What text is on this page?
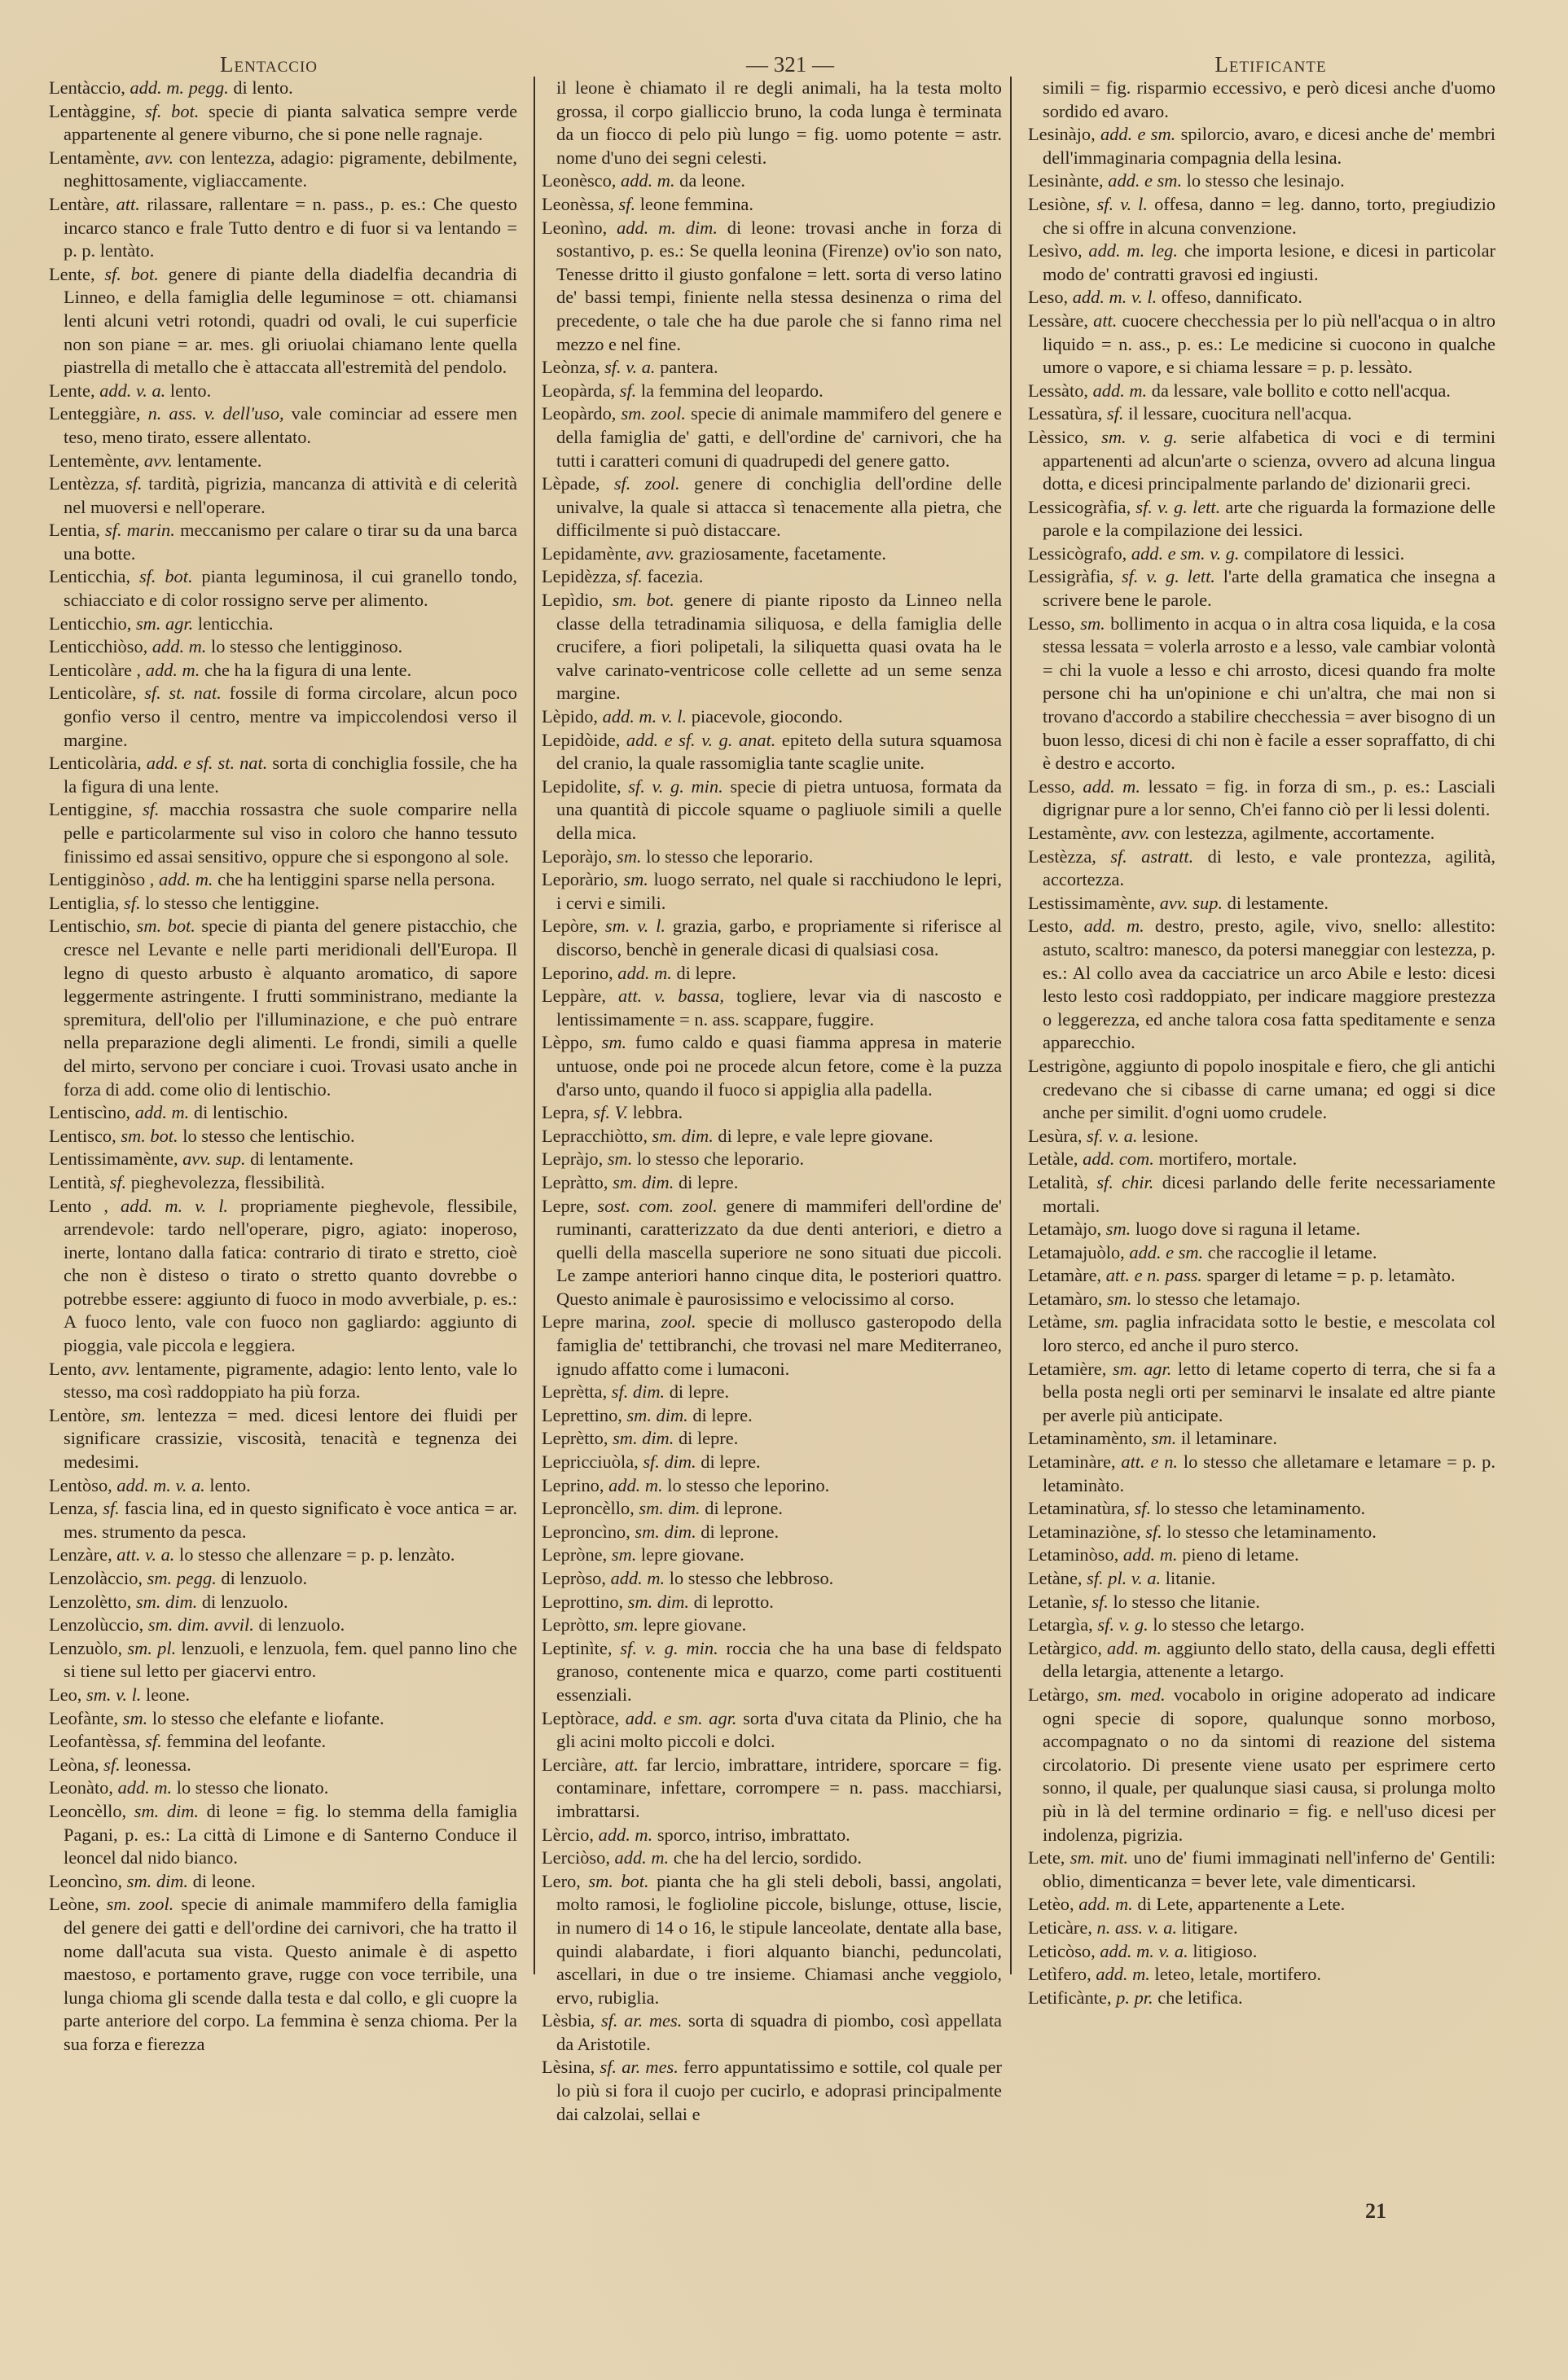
Lentaccio	— 321 —	Letificante

Lentàccio, add. m. pegg. di lento.

Lentàggine, sf. bot. specie di pianta salvatica sempre verde appartenente al genere viburno, che si pone nelle ragnaje.

Lentamènte, avv. con lentezza, adagio: pigramente, debilmente, neghittosamente, vigliaccamente.

Lentàre, att. rilassare, rallentare = n. pass., p. es.: Che questo incarco stanco e frale Tutto dentro e di fuor si va lentando = p. p. lentàto.

Lente, sf. bot. genere di piante della diadelfia decandria di Linneo, e della famiglia delle leguminose = ott. chiamansi lenti alcuni vetri rotondi, quadri od ovali, le cui superficie non son piane = ar. mes. gli oriuolai chiamano lente quella piastrella di metallo che è attaccata all'estremità del pendolo.

Lente, add. v. a. lento.

Lenteggiàre, n. ass. v. dell'uso, vale cominciar ad essere men teso, meno tirato, essere allentato.

Lentemènte, avv. lentamente.

Lentèzza, sf. tardità, pigrizia, mancanza di attività e di celerità nel muoversi e nell'operare.

Lentia, sf. marin. meccanismo per calare o tirar su da una barca una botte.

Lenticchia, sf. bot. pianta leguminosa, il cui granello tondo, schiacciato e di color rossigno serve per alimento.

Lenticchio, sm. agr. lenticchia.

Lenticchiòso, add. m. lo stesso che lentigginoso.

Lenticolàre , add. m. che ha la figura di una lente.

Lenticolàre, sf. st. nat. fossile di forma circolare, alcun poco gonfio verso il centro, mentre va impiccolendosi verso il margine.

Lenticolària, add. e sf. st. nat. sorta di conchiglia fossile, che ha la figura di una lente.

Lentiggine, sf. macchia rossastra che suole comparire nella pelle e particolarmente sul viso in coloro che hanno tessuto finissimo ed assai sensitivo, oppure che si espongono al sole.

Lentigginòso , add. m. che ha lentiggini sparse nella persona.

Lentiglia, sf. lo stesso che lentiggine.

Lentischio, sm. bot. specie di pianta del genere pistacchio, che cresce nel Levante e nelle parti meridionali dell'Europa. Il legno di questo arbusto è alquanto aromatico, di sapore leggermente astringente. I frutti somministrano, mediante la spremitura, dell'olio per l'illuminazione, e che può entrare nella preparazione degli alimenti. Le frondi, simili a quelle del mirto, servono per conciare i cuoi. Trovasi usato anche in forza di add. come olio di lentischio.

Lentiscìno, add. m. di lentischio.

Lentisco, sm. bot. lo stesso che lentischio.

Lentissimamènte, avv. sup. di lentamente.

Lentità, sf. pieghevolezza, flessibilità.

Lento , add. m. v. l. propriamente pieghevole, flessibile, arrendevole: tardo nell'operare, pigro, agiato: inoperoso, inerte, lontano dalla fatica: contrario di tirato e stretto, cioè che non è disteso o tirato o stretto quanto dovrebbe o potrebbe essere: aggiunto di fuoco in modo avverbiale, p. es.: A fuoco lento, vale con fuoco non gagliardo: aggiunto di pioggia, vale piccola e leggiera.

Lento, avv. lentamente, pigramente, adagio: lento lento, vale lo stesso, ma così raddoppiato ha più forza.

Lentòre, sm. lentezza = med. dicesi lentore dei fluidi per significare crassizie, viscosità, tenacità e tegnenza dei medesimi.

Lentòso, add. m. v. a. lento.

Lenza, sf. fascia lina, ed in questo significato è voce antica = ar. mes. strumento da pesca.

Lenzàre, att. v. a. lo stesso che allenzare = p. p. lenzàto.

Lenzolàccio, sm. pegg. di lenzuolo.

Lenzolètto, sm. dim. di lenzuolo.

Lenzolùccio, sm. dim. avvil. di lenzuolo.

Lenzuòlo, sm. pl. lenzuoli, e lenzuola, fem. quel panno lino che si tiene sul letto per giacervi entro.

Leo, sm. v. l. leone.

Leofànte, sm. lo stesso che elefante e liofante.

Leofantèssa, sf. femmina del leofante.

Leòna, sf. leonessa.

Leonàto, add. m. lo stesso che lionato.

Leoncèllo, sm. dim. di leone = fig. lo stemma della famiglia Pagani, p. es.: La città di Limone e di Santerno Conduce il leoncel dal nido bianco.

Leoncìno, sm. dim. di leone.

Leòne, sm. zool. specie di animale mammifero della famiglia del genere dei gatti e dell'ordine dei carnivori, che ha tratto il nome dall'acuta sua vista. Questo animale è di aspetto maestoso, e portamento grave, rugge con voce terribile, una lunga chioma gli scende dalla testa e dal collo, e gli cuopre la parte anteriore del corpo. La femmina è senza chioma. Per la sua forza e fierezza

il leone è chiamato il re degli animali, ha la testa molto grossa, il corpo gialliccio bruno, la coda lunga è terminata da un fiocco di pelo più lungo = fig. uomo potente = astr. nome d'uno dei segni celesti.

Leonèsco, add. m. da leone.

Leonèssa, sf. leone femmina.

Leonìno, add. m. dim. di leone: trovasi anche in forza di sostantivo, p. es.: Se quella leonina (Firenze) ov'io son nato, Tenesse dritto il giusto gonfalone = lett. sorta di verso latino de' bassi tempi, finiente nella stessa desinenza o rima del precedente, o tale che ha due parole che si fanno rima nel mezzo e nel fine.

Leònza, sf. v. a. pantera.

Leopàrda, sf. la femmina del leopardo.

Leopàrdo, sm. zool. specie di animale mammifero del genere e della famiglia de' gatti, e dell'ordine de' carnivori, che ha tutti i caratteri comuni di quadrupedi del genere gatto.

Lèpade, sf. zool. genere di conchiglia dell'ordine delle univalve, la quale si attacca sì tenacemente alla pietra, che difficilmente si può distaccare.

Lepidamènte, avv. graziosamente, facetamente.

Lepidèzza, sf. facezia.

Lepìdio, sm. bot. genere di piante riposto da Linneo nella classe della tetradinamia siliquosa, e della famiglia delle crucifere, a fiori polipetali, la siliquetta quasi ovata ha le valve carinato-ventricose colle cellette ad un seme senza margine.

Lèpido, add. m. v. l. piacevole, giocondo.

Lepidòide, add. e sf. v. g. anat. epiteto della sutura squamosa del cranio, la quale rassomiglia tante scaglie unite.

Lepidolite, sf. v. g. min. specie di pietra untuosa, formata da una quantità di piccole squame o pagliuole simili a quelle della mica.

Leporàjo, sm. lo stesso che leporario.

Leporàrio, sm. luogo serrato, nel quale si racchiudono le lepri, i cervi e simili.

Lepòre, sm. v. l. grazia, garbo, e propriamente si riferisce al discorso, benchè in generale dicasi di qualsiasi cosa.

Leporino, add. m. di lepre.

Leppàre, att. v. bassa, togliere, levar via di nascosto e lentissimamente = n. ass. scappare, fuggire.

Lèppo, sm. fumo caldo e quasi fiamma appresa in materie untuose, onde poi ne procede alcun fetore, come è la puzza d'arso unto, quando il fuoco si appiglia alla padella.

Lepra, sf. V. lebbra.

Lepracchiòtto, sm. dim. di lepre, e vale lepre giovane.

Lepràjo, sm. lo stesso che leporario.

Lepràtto, sm. dim. di lepre.

Lepre, sost. com. zool. genere di mammiferi dell'ordine de' ruminanti, caratterizzato da due denti anteriori, e dietro a quelli della mascella superiore ne sono situati due piccoli. Le zampe anteriori hanno cinque dita, le posteriori quattro. Questo animale è paurosissimo e velocissimo al corso.

Lepre marina, zool. specie di mollusco gasteropodo della famiglia de' tettibranchi, che trovasi nel mare Mediterraneo, ignudo affatto come i lumaconi.

Leprètta, sf. dim. di lepre.

Leprettino, sm. dim. di lepre.

Leprètto, sm. dim. di lepre.

Lepricciuòla, sf. dim. di lepre.

Leprino, add. m. lo stesso che leporino.

Leproncèllo, sm. dim. di leprone.

Leproncìno, sm. dim. di leprone.

Lepròne, sm. lepre giovane.

Lepròso, add. m. lo stesso che lebbroso.

Leprottino, sm. dim. di leprotto.

Lepròtto, sm. lepre giovane.

Leptinìte, sf. v. g. min. roccia che ha una base di feldspato granoso, contenente mica e quarzo, come parti costituenti essenziali.

Leptòrace, add. e sm. agr. sorta d'uva citata da Plinio, che ha gli acini molto piccoli e dolci.

Lerciàre, att. far lercio, imbrattare, intridere, sporcare = fig. contaminare, infettare, corrompere = n. pass. macchiarsi, imbrattarsi.

Lèrcio, add. m. sporco, intriso, imbrattato.

Lerciòso, add. m. che ha del lercio, sordido.

Lero, sm. bot. pianta che ha gli steli deboli, bassi, angolati, molto ramosi, le foglioline piccole, bislunge, ottuse, liscie, in numero di 14 o 16, le stipule lanceolate, dentate alla base, quindi alabardate, i fiori alquanto bianchi, peduncolati, ascellari, in due o tre insieme. Chiamasi anche veggiolo, ervo, rubiglia.

Lèsbia, sf. ar. mes. sorta di squadra di piombo, così appellata da Aristotile.

Lèsina, sf. ar. mes. ferro appuntatissimo e sottile, col quale per lo più si fora il cuojo per cucirlo, e adoprasi principalmente dai calzolai, sellai e

simili = fig. risparmio eccessivo, e però dicesi anche d'uomo sordido ed avaro.

Lesinàjo, add. e sm. spilorcio, avaro, e dicesi anche de' membri dell'immaginaria compagnia della lesina.

Lesinànte, add. e sm. lo stesso che lesinajo.

Lesiòne, sf. v. l. offesa, danno = leg. danno, torto, pregiudizio che si offre in alcuna convenzione.

Lesìvo, add. m. leg. che importa lesione, e dicesi in particolar modo de' contratti gravosi ed ingiusti.

Leso, add. m. v. l. offeso, dannificato.

Lessàre, att. cuocere checchessia per lo più nell'acqua o in altro liquido = n. ass., p. es.: Le medicine si cuocono in qualche umore o vapore, e si chiama lessare = p. p. lessàto.

Lessàto, add. m. da lessare, vale bollito e cotto nell'acqua.

Lessatùra, sf. il lessare, cuocitura nell'acqua.

Lèssico, sm. v. g. serie alfabetica di voci e di termini appartenenti ad alcun'arte o scienza, ovvero ad alcuna lingua dotta, e dicesi principalmente parlando de' dizionarii greci.

Lessicogràfia, sf. v. g. lett. arte che riguarda la formazione delle parole e la compilazione dei lessici.

Lessicògrafo, add. e sm. v. g. compilatore di lessici.

Lessigràfia, sf. v. g. lett. l'arte della gramatica che insegna a scrivere bene le parole.

Lesso, sm. bollimento in acqua o in altra cosa liquida, e la cosa stessa lessata = volerla arrosto e a lesso, vale cambiar volontà = chi la vuole a lesso e chi arrosto, dicesi quando fra molte persone chi ha un'opinione e chi un'altra, che mai non si trovano d'accordo a stabilire checchessia = aver bisogno di un buon lesso, dicesi di chi non è facile a esser sopraffatto, di chi è destro e accorto.

Lesso, add. m. lessato = fig. in forza di sm., p. es.: Lasciali digrignar pure a lor senno, Ch'ei fanno ciò per li lessi dolenti.

Lestamènte, avv. con lestezza, agilmente, accortamente.

Lestèzza, sf. astratt. di lesto, e vale prontezza, agilità, accortezza.

Lestissimamènte, avv. sup. di lestamente.

Lesto, add. m. destro, presto, agile, vivo, snello: allestito: astuto, scaltro: manesco, da potersi maneggiar con lestezza, p. es.: Al collo avea da cacciatrice un arco Abile e lesto: dicesi lesto lesto così raddoppiato, per indicare maggiore prestezza o leggerezza, ed anche talora cosa fatta speditamente e senza apparecchio.

Lestrigòne, aggiunto di popolo inospitale e fiero, che gli antichi credevano che si cibasse di carne umana; ed oggi si dice anche per similit. d'ogni uomo crudele.

Lesùra, sf. v. a. lesione.

Letàle, add. com. mortifero, mortale.

Letalità, sf. chir. dicesi parlando delle ferite necessariamente mortali.

Letamàjo, sm. luogo dove si raguna il letame.

Letamajuòlo, add. e sm. che raccoglie il letame.

Letamàre, att. e n. pass. sparger di letame = p. p. letamàto.

Letamàro, sm. lo stesso che letamajo.

Letàme, sm. paglia infracidata sotto le bestie, e mescolata col loro sterco, ed anche il puro sterco.

Letamière, sm. agr. letto di letame coperto di terra, che si fa a bella posta negli orti per seminarvi le insalate ed altre piante per averle più anticipate.

Letaminamènto, sm. il letaminare.

Letaminàre, att. e n. lo stesso che alletamare e letamare = p. p. letaminàto.

Letaminatùra, sf. lo stesso che letaminamento.

Letaminaziòne, sf. lo stesso che letaminamento.

Letaminòso, add. m. pieno di letame.

Letàne, sf. pl. v. a. litanie.

Letanìe, sf. lo stesso che litanie.

Letargìa, sf. v. g. lo stesso che letargo.

Letàrgico, add. m. aggiunto dello stato, della causa, degli effetti della letargia, attenente a letargo.

Letàrgo, sm. med. vocabolo in origine adoperato ad indicare ogni specie di sopore, qualunque sonno morboso, accompagnato o no da sintomi di reazione del sistema circolatorio. Di presente viene usato per esprimere certo sonno, il quale, per qualunque siasi causa, si prolunga molto più in là del termine ordinario = fig. e nell'uso dicesi per indolenza, pigrizia.

Lete, sm. mit. uno de' fiumi immaginati nell'inferno de' Gentili: oblio, dimenticanza = bever lete, vale dimenticarsi.

Letèo, add. m. di Lete, appartenente a Lete.

Leticàre, n. ass. v. a. litigare.

Leticòso, add. m. v. a. litigioso.

Letìfero, add. m. leteo, letale, mortifero.

Letificànte, p. pr. che letifica.

21
